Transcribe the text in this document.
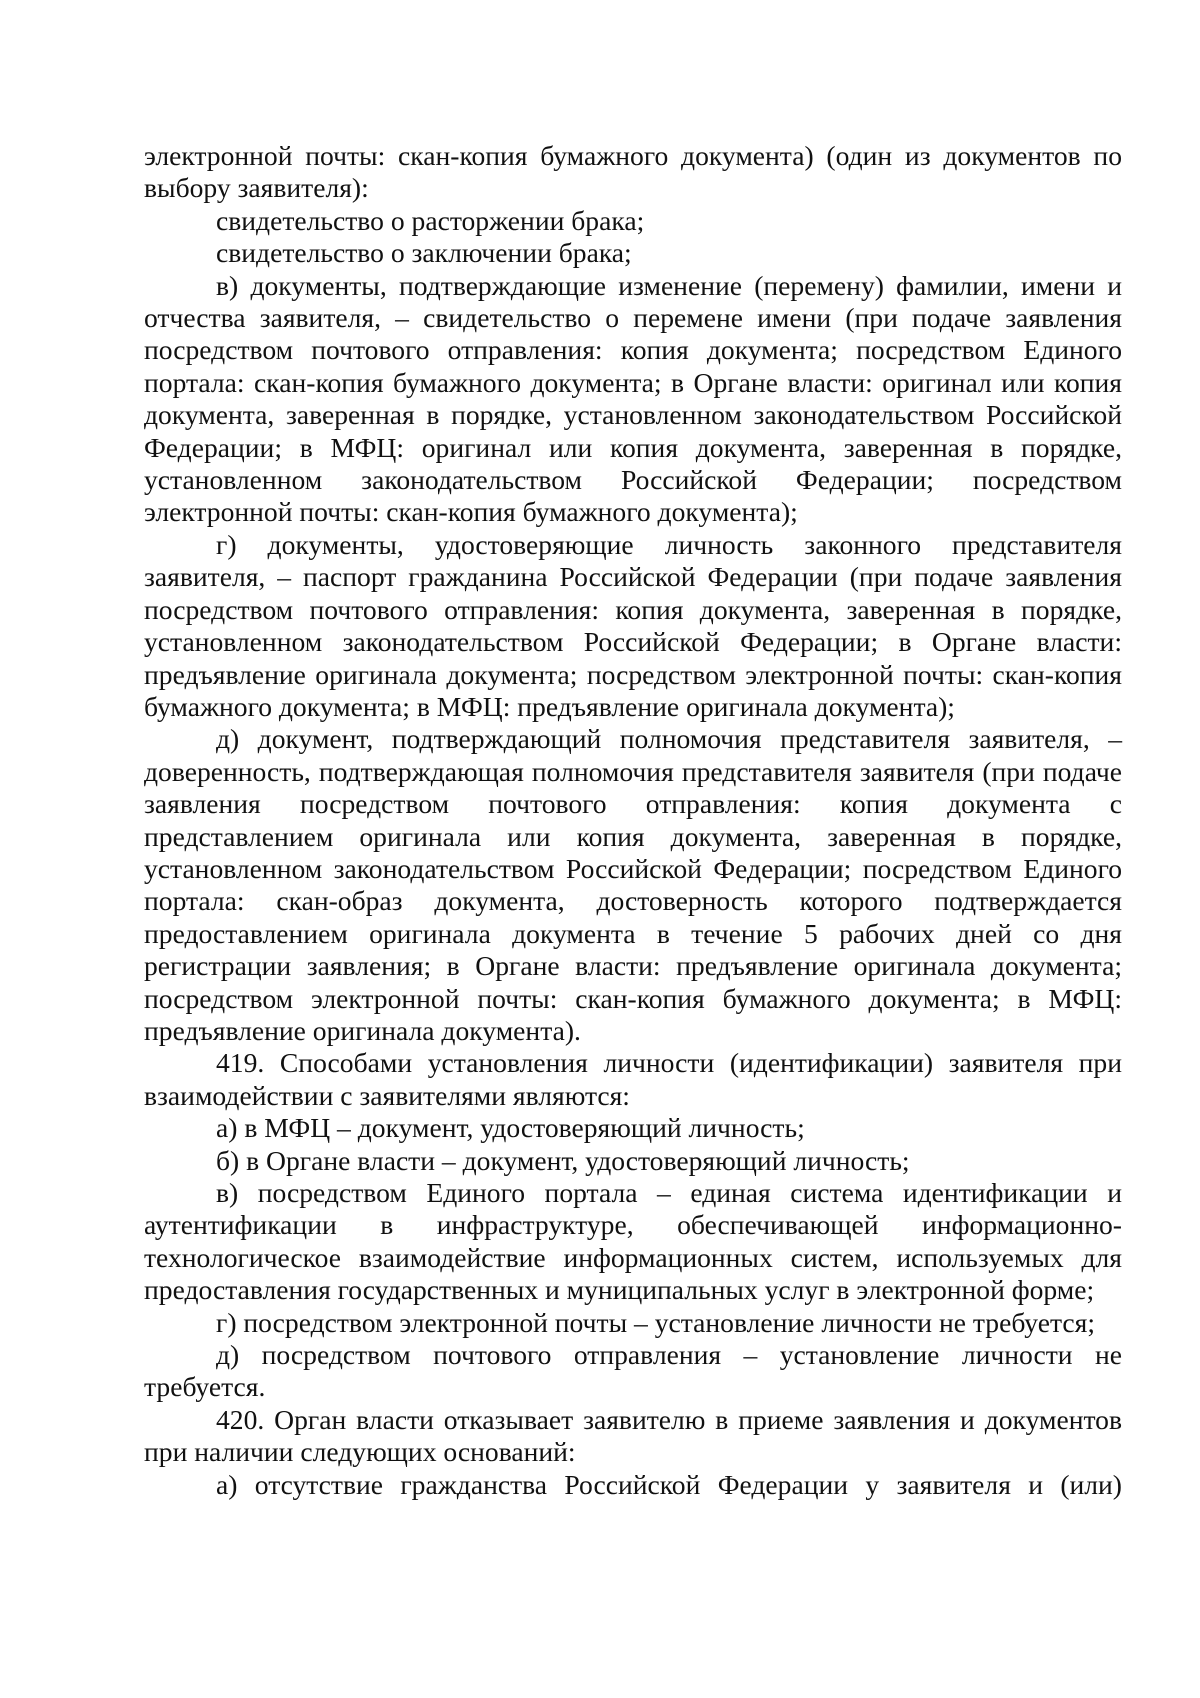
электронной почты: скан-копия бумажного документа) (один из документов по выбору заявителя):

свидетельство о расторжении брака;

свидетельство о заключении брака;

в) документы, подтверждающие изменение (перемену) фамилии, имени и отчества заявителя, – свидетельство о перемене имени (при подаче заявления посредством почтового отправления: копия документа; посредством Единого портала: скан-копия бумажного документа; в Органе власти: оригинал или копия документа, заверенная в порядке, установленном законодательством Российской Федерации; в МФЦ: оригинал или копия документа, заверенная в порядке, установленном законодательством Российской Федерации; посредством электронной почты: скан-копия бумажного документа);

г) документы, удостоверяющие личность законного представителя заявителя, – паспорт гражданина Российской Федерации (при подаче заявления посредством почтового отправления: копия документа, заверенная в порядке, установленном законодательством Российской Федерации; в Органе власти: предъявление оригинала документа; посредством электронной почты: скан-копия бумажного документа; в МФЦ: предъявление оригинала документа);

д) документ, подтверждающий полномочия представителя заявителя, – доверенность, подтверждающая полномочия представителя заявителя (при подаче заявления посредством почтового отправления: копия документа с представлением оригинала или копия документа, заверенная в порядке, установленном законодательством Российской Федерации; посредством Единого портала: скан-образ документа, достоверность которого подтверждается предоставлением оригинала документа в течение 5 рабочих дней со дня регистрации заявления; в Органе власти: предъявление оригинала документа; посредством электронной почты: скан-копия бумажного документа; в МФЦ: предъявление оригинала документа).

419. Способами установления личности (идентификации) заявителя при взаимодействии с заявителями являются:

а) в МФЦ – документ, удостоверяющий личность;

б) в Органе власти – документ, удостоверяющий личность;

в) посредством Единого портала – единая система идентификации и аутентификации в инфраструктуре, обеспечивающей информационно-технологическое взаимодействие информационных систем, используемых для предоставления государственных и муниципальных услуг в электронной форме;

г) посредством электронной почты – установление личности не требуется;

д) посредством почтового отправления – установление личности не требуется.

420. Орган власти отказывает заявителю в приеме заявления и документов при наличии следующих оснований:

а) отсутствие гражданства Российской Федерации у заявителя и (или)
